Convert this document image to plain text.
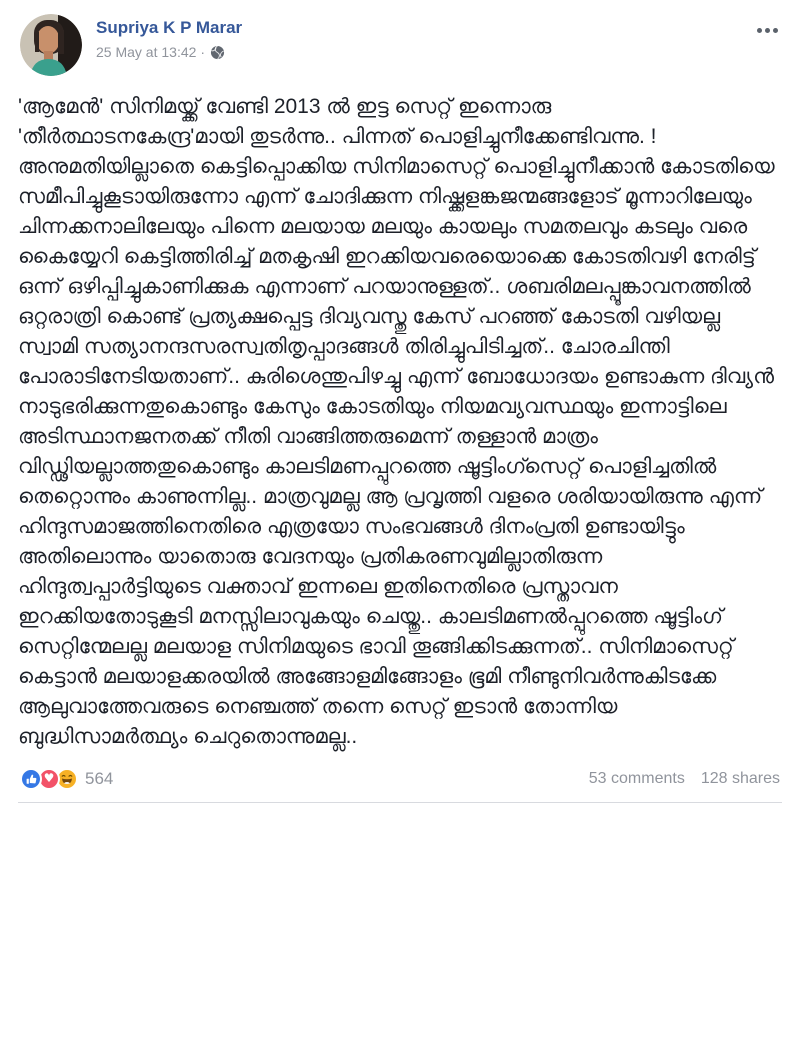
Supriya K P Marar
25 May at 13:42 ·
'ആമേൻ' സിനിമയ്ക്ക് വേണ്ടി 2013 ൽ ഇട്ട സെറ്റ് ഇന്നൊരു 'തീർത്ഥാടനകേന്ദ്ര'മായി തുടർന്നു.. പിന്നത് പൊളിച്ചുനീക്കേണ്ടിവന്നു. ! അനുമതിയില്ലാതെ കെട്ടിപ്പൊക്കിയ സിനിമാസെറ്റ് പൊളിച്ചുനീക്കാൻ കോടതിയെ സമീപിച്ചുകൂടായിരുന്നോ എന്ന് ചോദിക്കുന്ന നിഷ്ക്കളങ്കജന്മങ്ങളോട് മൂന്നാറിലേയും ചിന്നക്കനാലിലേയും പിന്നെ മലയായ മലയും കായലും സമതലവും കടലും വരെ കൈയ്യേറി കെട്ടിത്തിരിച്ച് മതകൃഷി ഇറക്കിയവരെയൊക്കെ കോടതിവഴി നേരിട്ട് ഒന്ന് ഒഴിപ്പിച്ചുകാണിക്കുക എന്നാണ് പറയാനുള്ളത്.. ശബരിമലപ്പൂങ്കാവനത്തിൽ ഒറ്റരാത്രി കൊണ്ട് പ്രത്യക്ഷപ്പെട്ട ദിവ്യവസ്തു കേസ് പറഞ്ഞ് കോടതി വഴിയല്ല സ്വാമി സത്യാനന്ദസരസ്വതിതൃപ്പാദങ്ങൾ തിരിച്ചുപിടിച്ചത്.. ചോരചിന്തി പോരാടിനേടിയതാണ്.. കുരിശെന്തുപിഴച്ചു എന്ന് ബോധോദയം ഉണ്ടാകുന്ന ദിവ്യൻ നാടുഭരിക്കുന്നതുകൊണ്ടും കേസും കോടതിയും നിയമവ്യവസ്ഥയും ഇന്നാട്ടിലെ അടിസ്ഥാനജനതക്ക് നീതി വാങ്ങിത്തരുമെന്ന് തള്ളാൻ മാത്രം വിഡ്ഢിയല്ലാത്തതുകൊണ്ടും കാലടിമണപ്പുറത്തെ ഷൂട്ടിംഗ്സെറ്റ് പൊളിച്ചതിൽ തെറ്റൊന്നും കാണുന്നില്ല.. മാത്രവുമല്ല ആ പ്രവൃത്തി വളരെ ശരിയായിരുന്നു എന്ന് ഹിന്ദുസമാജത്തിനെതിരെ എത്രയോ സംഭവങ്ങൾ ദിനംപ്രതി ഉണ്ടായിട്ടും അതിലൊന്നും യാതൊരു വേദനയും പ്രതികരണവുമില്ലാതിരുന്ന ഹിന്ദുത്വപ്പാർട്ടിയുടെ വക്താവ് ഇന്നലെ ഇതിനെതിരെ പ്രസ്താവന ഇറക്കിയതോടുകൂടി മനസ്സിലാവുകയും ചെയ്തു.. കാലടിമണൽപ്പുറത്തെ ഷൂട്ടിംഗ് സെറ്റിന്മേലല്ല മലയാള സിനിമയുടെ ഭാവി തൂങ്ങിക്കിടക്കുന്നത്.. സിനിമാസെറ്റ് കെട്ടാൻ മലയാളക്കരയിൽ അങ്ങോളമിങ്ങോളം ഭൂമി നീണ്ടുനിവർന്നുകിടക്കേ ആലുവാത്തേവരുടെ നെഞ്ചത്ത് തന്നെ സെറ്റ് ഇടാൻ തോന്നിയ ബുദ്ധിസാമർത്ഥ്യം ചെറുതൊന്നുമല്ല..
♥ 564	53 comments 128 shares
